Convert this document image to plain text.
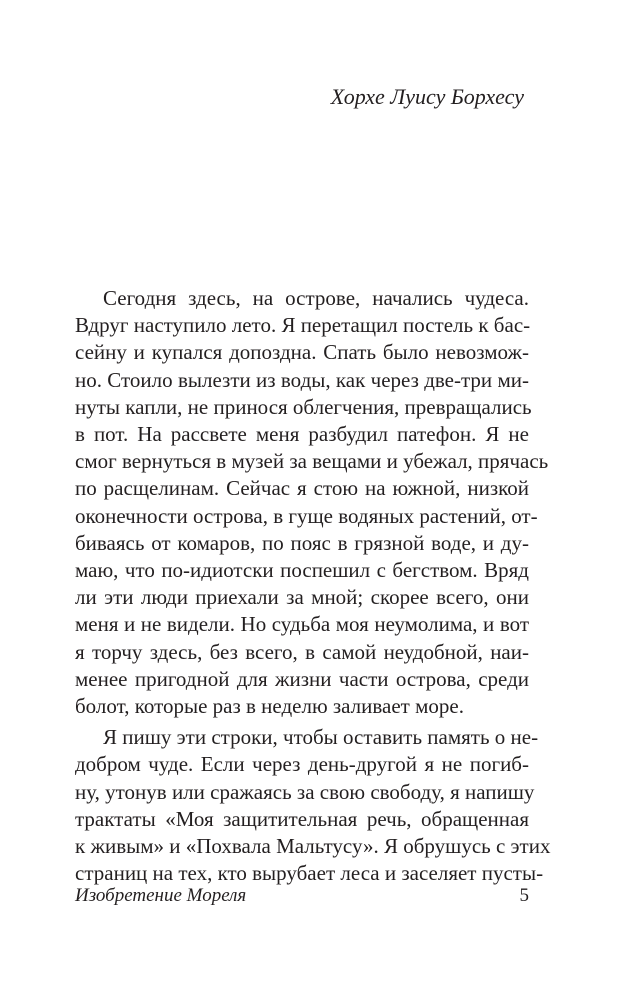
Хорхе Луису Борхесу

Сегодня здесь, на острове, начались чудеса.
Вдруг наступило лето. Я перетащил постель к бас-
сейну и купался допоздна. Спать было невозмож-
но. Стоило вылезти из воды, как через две-три ми-
нуты капли, не принося облегчения, превращались
в пот. На рассвете меня разбудил патефон. Я не
смог вернуться в музей за вещами и убежал, прячась
по расщелинам. Сейчас я стою на южной, низкой
оконечности острова, в гуще водяных растений, от-
биваясь от комаров, по пояс в грязной воде, и ду-
маю, что по-идиотски поспешил с бегством. Вряд
ли эти люди приехали за мной; скорее всего, они
меня и не видели. Но судьба моя неумолима, и вот
я торчу здесь, без всего, в самой неудобной, наи-
менее пригодной для жизни части острова, среди
болот, которые раз в неделю заливает море.
Я пишу эти строки, чтобы оставить память о не-
добром чуде. Если через день-другой я не погиб-
ну, утонув или сражаясь за свою свободу, я напишу
трактаты «Моя защитительная речь, обращенная
к живым» и «Похвала Мальтусу». Я обрушусь с этих
страниц на тех, кто вырубает леса и заселяет пусты-

Изобретение Мореля	5
